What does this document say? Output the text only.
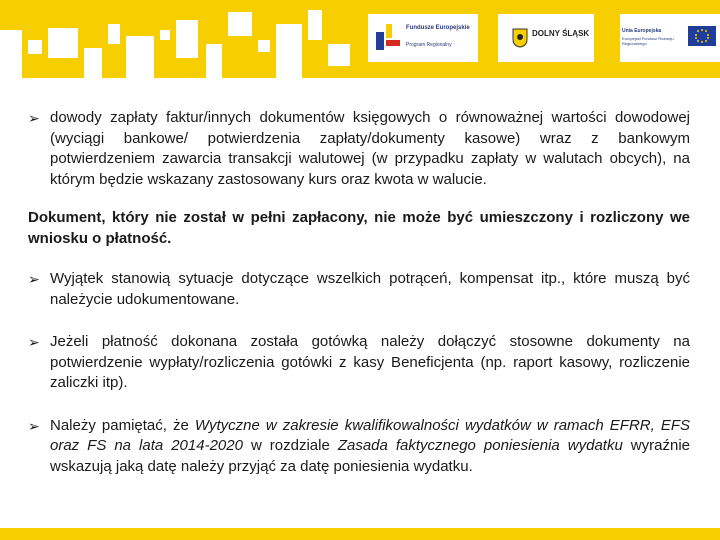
Fundusze Europejskie
Program Regionalny
DOLNY ŚLĄSK	Unia Europejska
Europejski Fundusz Rozwoju Regionalnego

➢ dowody zapłaty faktur/innych dokumentów księgowych o równoważnej wartości dowodowej (wyciągi bankowe/ potwierdzenia zapłaty/dokumenty kasowe) wraz z bankowym potwierdzeniem zawarcia transakcji walutowej (w przypadku zapłaty w walutach obcych), na którym będzie wskazany zastosowany kurs oraz kwota w walucie.

Dokument, który nie został w pełni zapłacony, nie może być umieszczony i rozliczony we wniosku o płatność.

➢ Wyjątek stanowią sytuacje dotyczące wszelkich potrąceń, kompensat itp., które muszą być należycie udokumentowane.

➢ Jeżeli płatność dokonana została gotówką należy dołączyć stosowne dokumenty na potwierdzenie wypłaty/rozliczenia gotówki z kasy Beneficjenta (np. raport kasowy, rozliczenie zaliczki itp).

➢ Należy pamiętać, że Wytyczne w zakresie kwalifikowalności wydatków w ramach EFRR, EFS oraz FS na lata 2014-2020 w rozdziale Zasada faktycznego poniesienia wydatku wyraźnie wskazują jaką datę należy przyjąć za datę poniesienia wydatku.
